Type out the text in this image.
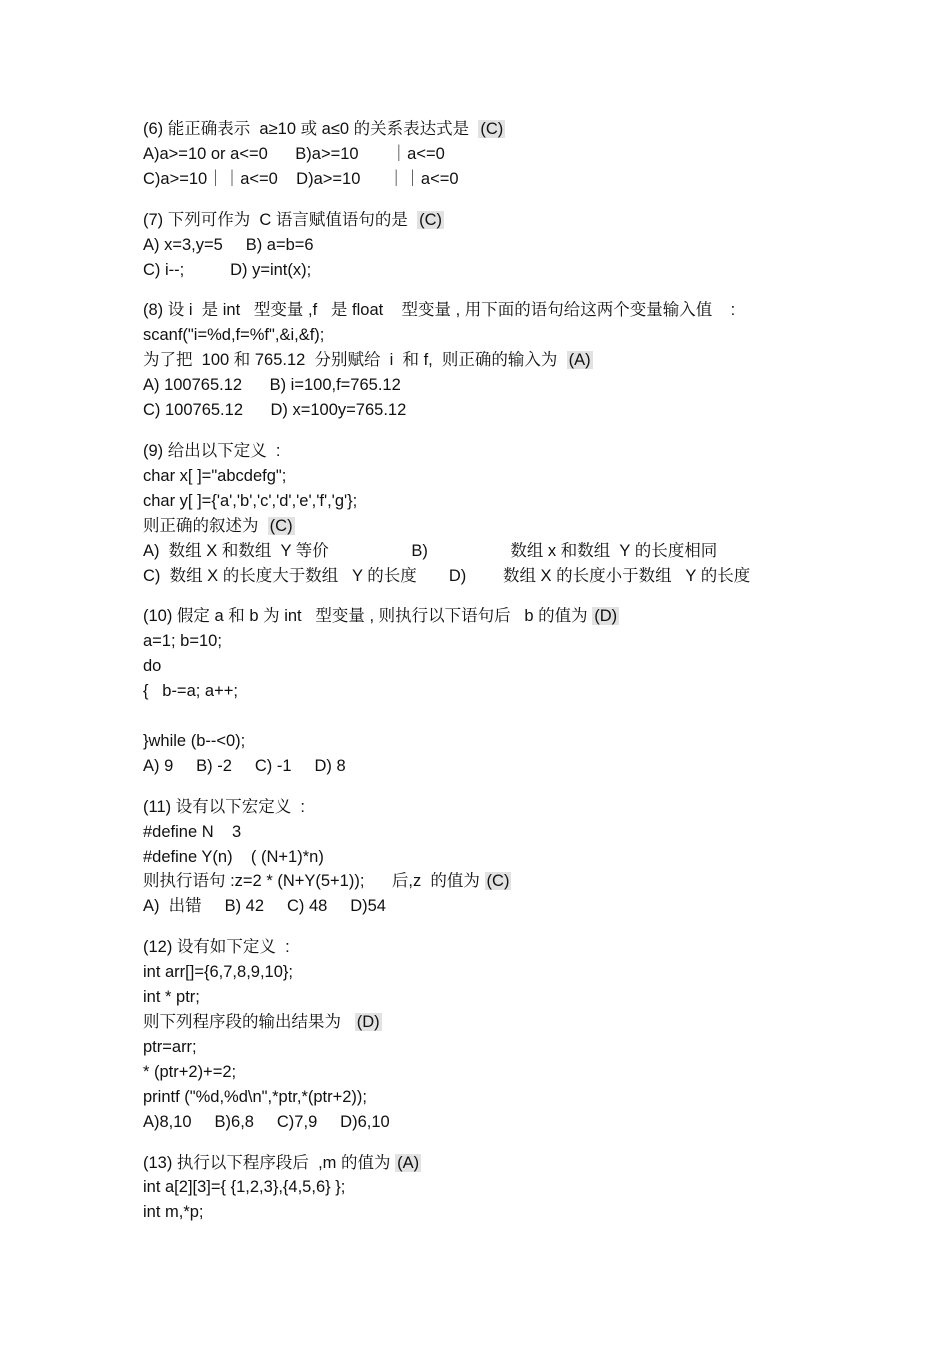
(6) 能正确表示  a≥10 或 a≤0 的关系表达式是  (C)
A)a>=10 or a<=0      B)a>=10       ｜a<=0
C)a>=10｜｜a<=0    D)a>=10      ｜｜a<=0
(7) 下列可作为  C 语言赋值语句的是  (C)
A) x=3,y=5     B) a=b=6
C) i--;          D) y=int(x);
(8) 设 i  是 int   型变量 ,f   是 float    型变量 , 用下面的语句给这两个变量输入值    :
scanf("i=%d,f=%f",&i,&f);
为了把  100 和 765.12  分别赋给  i  和 f,  则正确的输入为  (A)
A) 100765.12      B) i=100,f=765.12
C) 100765.12      D) x=100y=765.12
(9) 给出以下定义  :
char x[ ]="abcdefg";
char y[ ]={'a','b','c','d','e','f','g'};
则正确的叙述为  (C)
A)  数组 X 和数组  Y 等价                  B)                  数组 x 和数组  Y 的长度相同
C)  数组 X 的长度大于数组   Y 的长度       D)        数组 X 的长度小于数组   Y 的长度
(10) 假定 a 和 b 为 int   型变量 , 则执行以下语句后   b 的值为 (D)
a=1; b=10;
do
{   b-=a; a++;

}while (b--<0);
A) 9     B) -2     C) -1     D) 8
(11) 设有以下宏定义  :
#define N    3
#define Y(n)    ( (N+1)*n)
则执行语句 :z=2 * (N+Y(5+1));      后,z  的值为 (C)
A)  出错     B) 42     C) 48     D)54
(12) 设有如下定义  :
int arr[]={6,7,8,9,10};
int * ptr;
则下列程序段的输出结果为   (D)
ptr=arr;
* (ptr+2)+=2;
printf ("%d,%d\n",*ptr,*(ptr+2));
A)8,10     B)6,8     C)7,9     D)6,10
(13) 执行以下程序段后  ,m 的值为 (A)
int a[2][3]={ {1,2,3},{4,5,6} };
int m,*p;
